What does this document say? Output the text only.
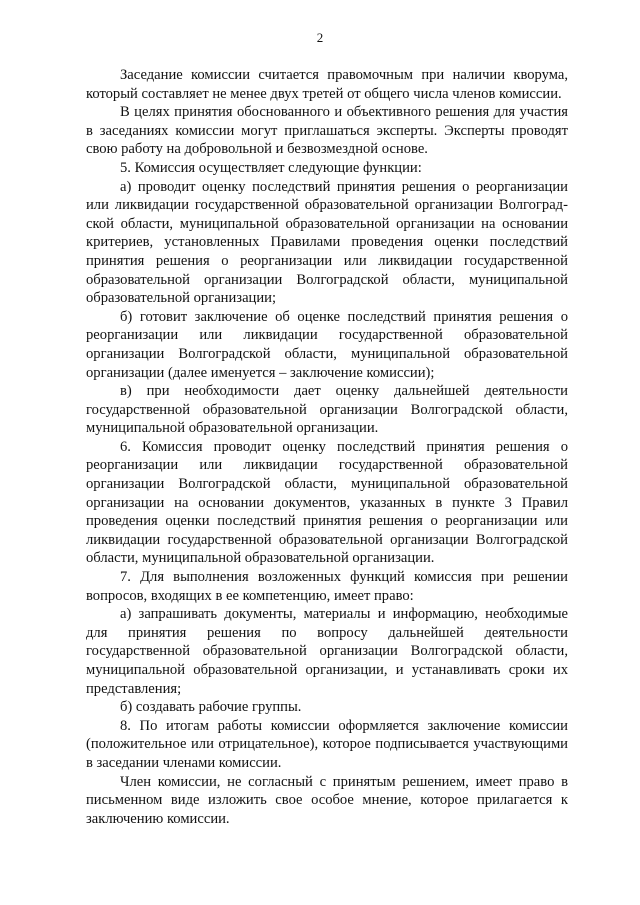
2

Заседание комиссии считается правомочным при наличии кворума, который составляет не менее двух третей от общего числа членов комиссии.

В целях принятия обоснованного и объективного решения для участия в заседаниях комиссии могут приглашаться эксперты. Эксперты проводят свою работу на добровольной и безвозмездной основе.

5. Комиссия осуществляет следующие функции:

а) проводит оценку последствий принятия решения о реорганизации или ликвидации государственной образовательной организации Волгоградской области, муниципальной образовательной организации на основании критериев, установленных Правилами проведения оценки последствий принятия решения о реорганизации или ликвидации государственной образовательной организации Волгоградской области, муниципальной образовательной организации;

б) готовит заключение об оценке последствий принятия решения о реорганизации или ликвидации государственной образовательной организации Волгоградской области, муниципальной образовательной организации (далее именуется – заключение комиссии);

в) при необходимости дает оценку дальнейшей деятельности государственной образовательной организации Волгоградской области, муниципальной образовательной организации.

6. Комиссия проводит оценку последствий принятия решения о реорганизации или ликвидации государственной образовательной организации Волгоградской области, муниципальной образовательной организации на основании документов, указанных в пункте 3 Правил проведения оценки последствий принятия решения о реорганизации или ликвидации государственной образовательной организации Волгоградской области, муниципальной образовательной организации.

7. Для выполнения возложенных функций комиссия при решении вопросов, входящих в ее компетенцию, имеет право:

а) запрашивать документы, материалы и информацию, необходимые для принятия решения по вопросу дальнейшей деятельности государственной образовательной организации Волгоградской области, муниципальной образовательной организации, и устанавливать сроки их представления;

б) создавать рабочие группы.

8. По итогам работы комиссии оформляется заключение комиссии (положительное или отрицательное), которое подписывается участвующими в заседании членами комиссии.

Член комиссии, не согласный с принятым решением, имеет право в письменном виде изложить свое особое мнение, которое прилагается к заключению комиссии.
